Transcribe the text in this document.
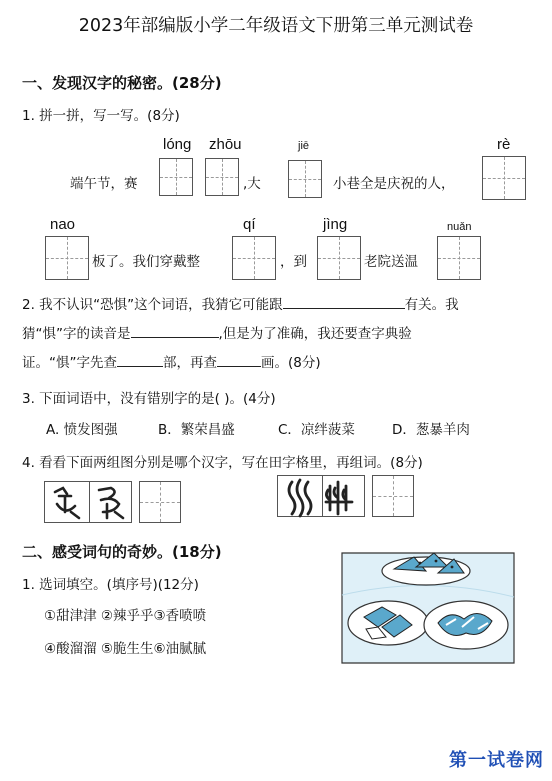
2023年部编版小学二年级语文下册第三单元测试卷
一、发现汉字的秘密。(28分)
1. 拼一拼，写一写。(8分)
lóng zhōu	jiē	rè
端午节，赛	,大	小巷全是庆祝的人，
nao	qí	jìng	nuǎn
板了。我们穿戴整	，到	老院送温
2. 我不认识“恐惧”这个词语，我猜它可能跟	有关。我
猜“惧”字的读音是	,但是为了准确，我还要查字典验
证。“惧”字先查	部，再查	画。(8分)
3. 下面词语中，没有错别字的是( )。(4分)
A. 愤发图强	B．繁荣昌盛	C．凉绊菠菜	D．葱暴羊肉
4. 看看下面两组图分别是哪个汉字，写在田字格里，再组词。(8分)
二、感受词句的奇妙。(18分)
1. 选词填空。(填序号)(12分)
①甜津津 ②辣乎乎③香喷喷
④酸溜溜 ⑤脆生生⑥油腻腻
第一试卷网
